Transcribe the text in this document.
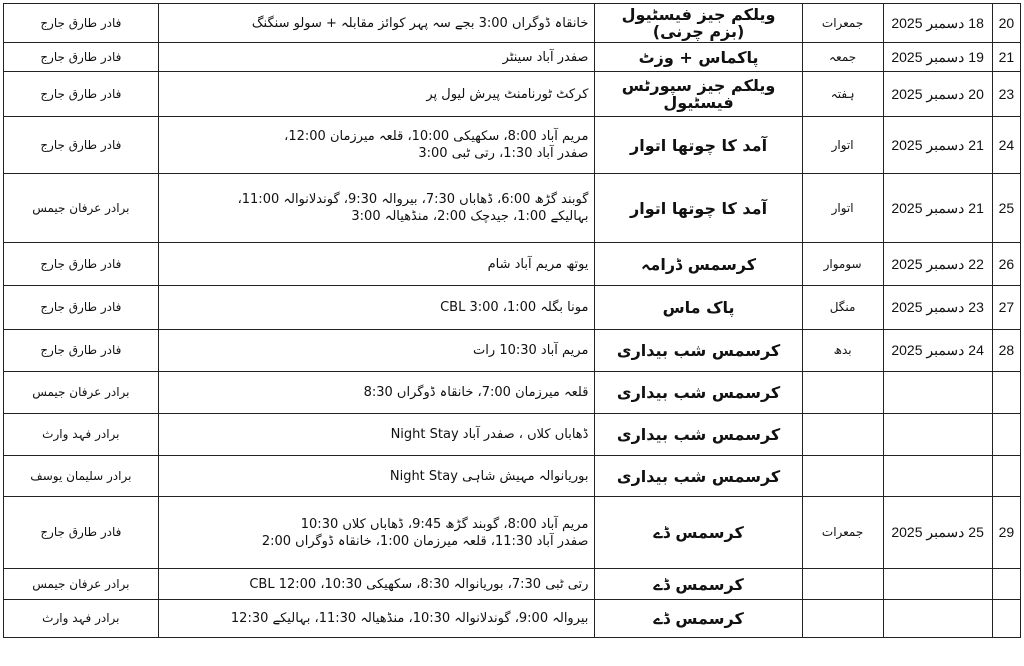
20	18 دسمبر 2025	جمعرات	ویلکم جیز فیسٹیول (بزم چرنی)	خانقاہ ڈوگراں 3:00 بجے سہ پہر کوائز مقابلہ + سولو سنگنگ	فادر طارق جارج
21	19 دسمبر 2025	جمعہ	پاکماس + وزٹ	صفدر آباد سینٹر	فادر طارق جارج
23	20 دسمبر 2025	ہفتہ	ویلکم جیز سپورٹس فیسٹیول	کرکٹ ٹورنامنٹ پیرش لیول پر	فادر طارق جارج
24	21 دسمبر 2025	اتوار	آمد کا چوتھا اتوار	مریم آباد 8:00، سکھیکی 10:00، قلعہ میرزمان 12:00،
صفدر آباد 1:30، رتی ٹبی 3:00	فادر طارق جارج
25	21 دسمبر 2025	اتوار	آمد کا چوتھا اتوار	گوبند گڑھ 6:00، ڈھاباں 7:30، بیروالہ 9:30، گوندلانوالہ 11:00،
بہالیکے 1:00، جیدچک 2:00، منڈھیالہ 3:00	برادر عرفان جیمس
26	22 دسمبر 2025	سوموار	کرسمس ڈرامہ	یوتھ مریم آباد شام	فادر طارق جارج
27	23 دسمبر 2025	منگل	پاک ماس	مونا بگلہ 1:00، CBL 3:00	فادر طارق جارج
28	24 دسمبر 2025	بدھ	کرسمس شب بیداری	مریم آباد 10:30 رات	فادر طارق جارج
			کرسمس شب بیداری	قلعہ میرزمان 7:00، خانقاہ ڈوگراں 8:30	برادر عرفان جیمس
			کرسمس شب بیداری	ڈھاباں کلاں ، صفدر آباد Night Stay	برادر فہد وارث
			کرسمس شب بیداری	بوریانوالہ مہیش شاہی Night Stay	برادر سلیمان یوسف
29	25 دسمبر 2025	جمعرات	کرسمس ڈے	مریم آباد 8:00، گوبند گڑھ 9:45، ڈھاباں کلاں 10:30
صفدر آباد 11:30، قلعہ میرزمان 1:00، خانقاہ ڈوگراں 2:00	فادر طارق جارج
			کرسمس ڈے	رتی ٹبی 7:30، بوریانوالہ 8:30، سکھیکی 10:30، CBL 12:00	برادر عرفان جیمس
			کرسمس ڈے	بیروالہ 9:00، گوندلانوالہ 10:30، منڈھیالہ 11:30، بہالیکے 12:30	برادر فہد وارث
